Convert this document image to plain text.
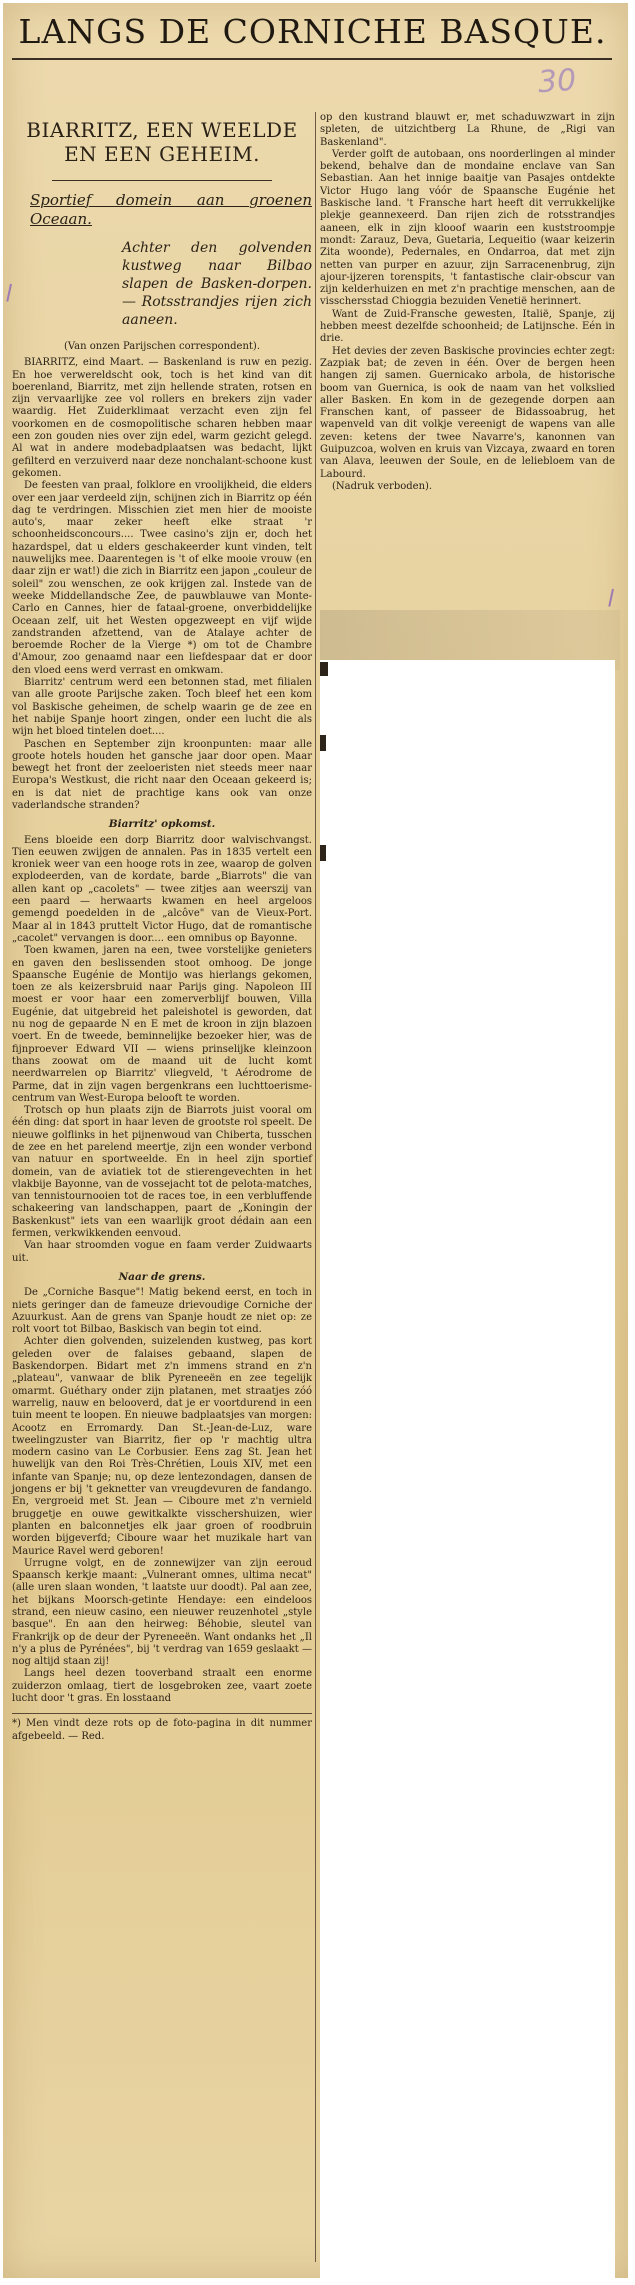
LANGS DE CORNICHE BASQUE.
30
BIARRITZ, EEN WEELDE EN EEN GEHEIM.
Sportief domein aan groenen Oceaan.
Achter den golvenden kustweg naar Bilbao slapen de Basken-dorpen. — Rotsstrandjes rijen zich aaneen.
(Van onzen Parijschen correspondent).

BIARRITZ, eind Maart. — Baskenland is ruw en pezig. En hoe verwereldscht ook, toch is het kind van dit boerenland, Biarritz, met zijn hellende straten, rotsen en zijn vervaarlijke zee vol rollers en brekers zijn vader waardig. Het Zuiderklimaat verzacht even zijn fel voorkomen en de cosmopolitische scharen hebben maar een zon gouden nies over zijn edel, warm gezicht gelegd. Al wat in andere modebadplaatsen was bedacht, lijkt gefilterd en verzuiverd naar deze nonchalant-schoone kust gekomen.

De feesten van praal, folklore en vroolijkheid, die elders over een jaar verdeeld zijn, schijnen zich in Biarritz op één dag te verdringen. Misschien ziet men hier de mooiste auto's, maar zeker heeft elke straat 'r schoonheidsconcours.... Twee casino's zijn er, doch het hazardspel, dat u elders geschakeerder kunt vinden, telt nauwelijks mee. Daarentegen is 't of elke mooie vrouw (en daar zijn er wat!) die zich in Biarritz een japon „couleur de soleil" zou wenschen, ze ook krijgen zal. Instede van de weeke Middellandsche Zee, de pauwblauwe van Monte-Carlo en Cannes, hier de fataal-groene, onverbiddelijke Oceaan zelf, uit het Westen opgezweept en vijf wijde zandstranden afzettend, van de Atalaye achter de beroemde Rocher de la Vierge *) om tot de Chambre d'Amour, zoo genaamd naar een liefdespaar dat er door den vloed eens werd verrast en omkwam.

Biarritz' centrum werd een betonnen stad, met filialen van alle groote Parijsche zaken. Toch bleef het een kom vol Baskische geheimen, de schelp waarin ge de zee en het nabije Spanje hoort zingen, onder een lucht die als wijn het bloed tintelen doet....

Paschen en September zijn kroonpunten: maar alle groote hotels houden het gansche jaar door open. Maar bewegt het front der zeeloeristen niet steeds meer naar Europa's Westkust, die richt naar den Oceaan gekeerd is; en is dat niet de prachtige kans ook van onze vaderlandsche stranden?

Biarritz' opkomst.

Eens bloeide een dorp Biarritz door walvischvangst. Tien eeuwen zwijgen de annalen. Pas in 1835 vertelt een kroniek weer van een hooge rots in zee, waarop de golven explodeerden, van de kordate, barde „Biarrots" die van allen kant op „cacolets" — twee zitjes aan weerszij van een paard — herwaarts kwamen en heel argeloos gemengd poedelden in de „alcôve" van de Vieux-Port. Maar al in 1843 pruttelt Victor Hugo, dat de romantische „cacolet" vervangen is door.... een omnibus op Bayonne.

Toen kwamen, jaren na een, twee vorstelijke genieters en gaven den beslissenden stoot omhoog. De jonge Spaansche Eugénie de Montijo was hierlangs gekomen, toen ze als keizersbruid naar Parijs ging. Napoleon III moest er voor haar een zomerverblijf bouwen, Villa Eugénie, dat uitgebreid het paleishotel is geworden, dat nu nog de gepaarde N en E met de kroon in zijn blazoen voert. En de tweede, beminnelijke bezoeker hier, was de fijnproever Edward VII — wiens prinselijke kleinzoon thans zoowat om de maand uit de lucht komt neerdwarrelen op Biarritz' vliegveld, 't Aérodrome de Parme, dat in zijn vagen bergenkrans een luchttoerisme-centrum van West-Europa belooft te worden.

Trotsch op hun plaats zijn de Biarrots juist vooral om één ding: dat sport in haar leven de grootste rol speelt. De nieuwe golflinks in het pijnenwoud van Chiberta, tusschen de zee en het parelend meertje, zijn een wonder verbond van natuur en sportweelde. En in heel zijn sportief domein, van de aviatiek tot de stierengevechten in het vlakbije Bayonne, van de vossejacht tot de pelota-matches, van tennistournooien tot de races toe, in een verbluffende schakeering van landschappen, paart de „Koningin der Baskenkust" iets van een waarlijk groot dédain aan een fermen, verkwikkenden eenvoud.

Van haar stroomden vogue en faam verder Zuidwaarts uit.

Naar de grens.

De „Corniche Basque"! Matig bekend eerst, en toch in niets geringer dan de fameuze drievoudige Corniche der Azuurkust. Aan de grens van Spanje houdt ze niet op: ze rolt voort tot Bilbao, Baskisch van begin tot eind.

Achter dien golvenden, suizelenden kustweg, pas kort geleden over de falaises gebaand, slapen de Baskendorpen. Bidart met z'n immens strand en z'n „plateau", vanwaar de blik Pyreneeën en zee tegelijk omarmt. Guéthary onder zijn platanen, met straatjes zóó warrelig, nauw en belooverd, dat je er voortdurend in een tuin meent te loopen. En nieuwe badplaatsjes van morgen: Acootz en Erromardy. Dan St.-Jean-de-Luz, ware tweelingzuster van Biarritz, fier op 'r machtig ultra modern casino van Le Corbusier. Eens zag St. Jean het huwelijk van den Roi Très-Chrétien, Louis XIV, met een infante van Spanje; nu, op deze lentezondagen, dansen de jongens er bij 't geknetter van vreugdevuren de fandango. En, vergroeid met St. Jean — Ciboure met z'n vernield bruggetje en ouwe gewitkalkte visschershuizen, wier planten en balconnetjes elk jaar groen of roodbruin worden bijgeverfd; Ciboure waar het muzikale hart van Maurice Ravel werd geboren!

Urrugne volgt, en de zonnewijzer van zijn eeroud Spaansch kerkje maant: „Vulnerant omnes, ultima necat" (alle uren slaan wonden, 't laatste uur doodt). Pal aan zee, het bijkans Moorsch-getinte Hendaye: een eindeloos strand, een nieuw casino, een nieuwer reuzenhotel „style basque". En aan den heirweg: Béhobie, sleutel van Frankrijk op de deur der Pyreneeën. Want ondanks het „Il n'y a plus de Pyrénées", bij 't verdrag van 1659 geslaakt — nog altijd staan zij!

Langs heel dezen tooverband straalt een enorme zuiderzon omlaag, tiert de losgebroken zee, vaart zoete lucht door 't gras. En losstaand

*) Men vindt deze rots op de foto-pagina in dit nummer afgebeeld. — Red.

op den kustrand blauwt er, met schaduwzwart in zijn spleten, de uitzichtberg La Rhune, de „Rigi van Baskenland".

Verder golft de autobaan, ons noorderlingen al minder bekend, behalve dan de mondaine enclave van San Sebastian. Aan het innige baaitje van Pasajes ontdekte Victor Hugo lang vóór de Spaansche Eugénie het Baskische land. 't Fransche hart heeft dit verrukkelijke plekje geannexeerd. Dan rijen zich de rotsstrandjes aaneen, elk in zijn klooof waarin een kuststroompje mondt: Zarauz, Deva, Guetaria, Lequeitio (waar keizerin Zita woonde), Pedernales, en Ondarroa, dat met zijn netten van purper en azuur, zijn Sarracenenbrug, zijn ajour-ijzeren torenspits, 't fantastische clair-obscur van zijn kelderhuizen en met z'n prachtige menschen, aan de visschersstad Chioggia bezuiden Venetië herinnert.

Want de Zuid-Fransche gewesten, Italië, Spanje, zij hebben meest dezelfde schoonheid; de Latijnsche. Eén in drie.

Het devies der zeven Baskische provincies echter zegt: Zazpiak bat; de zeven in één. Over de bergen heen hangen zij samen. Guernicako arbola, de historische boom van Guernica, is ook de naam van het volkslied aller Basken. En kom in de gezegende dorpen aan Franschen kant, of passeer de Bidassoabrug, het wapenveld van dit volkje vereenigt de wapens van alle zeven: ketens der twee Navarre's, kanonnen van Guipuzcoa, wolven en kruis van Vizcaya, zwaard en toren van Alava, leeuwen der Soule, en de leliebloem van de Labourd.

(Nadruk verboden).
